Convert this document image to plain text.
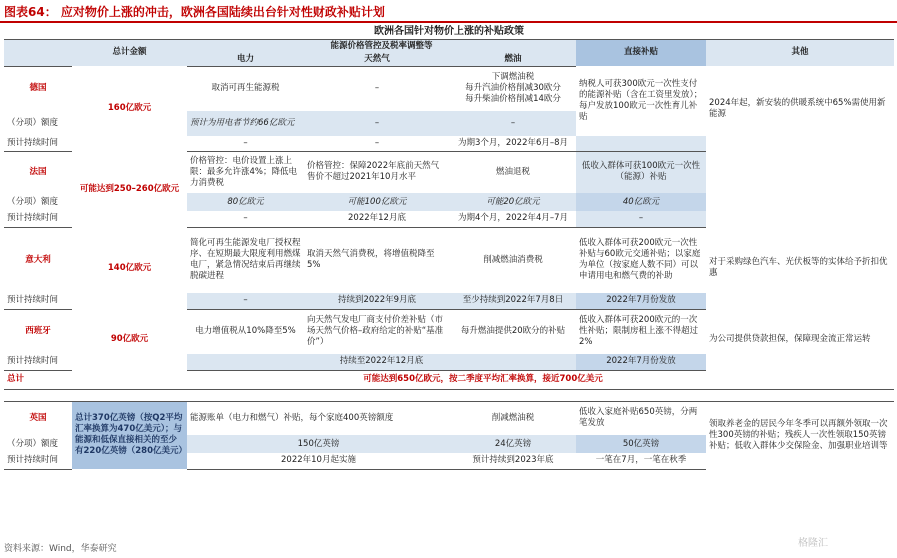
图表64： 应对物价上涨的冲击，欧洲各国陆续出台针对性财政补贴计划
欧洲各国针对物价上涨的补贴政策						
	总计金额	能源价格管控及税率调整等			直接补贴	其他
		电力	天然气	燃油		
德国	160亿欧元	取消可再生能源税	–	下调燃油税
每升汽油价格削减30欧分
每升柴油价格削减14欧分	纳税人可获300欧元一次性支付的能源补贴（含在工资里发放）；每户发放100欧元一次性育儿补贴	2024年起，新安装的供暖系统中65%需使用新能源
（分项）额度		预计为用电者节约66亿欧元	–	–		
预计持续时间		–	–	为期3个月，2022年6月–8月		
法国	可能达到250–260亿欧元	价格管控：电价设置上涨上限：最多允许涨4%；降低电力消费税	价格管控：保障2022年底前天然气售价不超过2021年10月水平	燃油退税	低收入群体可获100欧元一次性（能源）补贴	
（分项）额度		80亿欧元	可能100亿欧元	可能20亿欧元	40亿欧元	
预计持续时间		–	2022年12月底	为期4个月，2022年4月–7月	–	
意大利	140亿欧元	简化可再生能源发电厂授权程序、在短期最大限度利用燃煤电厂，紧急情况结束后再继续脱碳进程	取消天然气消费税，将增值税降至5%	削减燃油消费税	低收入群体可获200欧元一次性补贴与60欧元交通补贴；以家庭为单位（按家庭人数不同）可以申请用电和燃气费的补助	对于采购绿色汽车、光伏板等的实体给予折扣优惠
预计持续时间		–	持续到2022年9月底	至少持续到2022年7月8日	2022年7月份发放	
西班牙	90亿欧元	电力增值税从10%降至5%	向天然气发电厂商支付价差补贴（市场天然气价格–政府给定的补贴“基准价”）	每升燃油提供20欧分的补贴	低收入群体可获200欧元的一次性补贴；限制房租上涨不得超过2%	为公司提供贷款担保，保障现金流正常运转
预计持续时间		持续至2022年12月底			2022年7月份发放	
总计	可能达到650亿欧元，按二季度平均汇率换算，接近700亿美元					

英国	总计370亿英镑（按Q2平均汇率换算为470亿美元）；与能源和低保直接相关的至少有220亿英镑（280亿美元）	能源账单（电力和燃气）补贴，每个家庭400英镑额度		削减燃油税	低收入家庭补贴650英镑，分两笔发放	领取养老金的居民今年冬季可以再额外领取一次性300英镑的补贴；残疾人一次性领取150英镑补贴；低收入群体少交保险金、加强职业培训等
（分项）额度		150亿英镑		24亿英镑	50亿英镑	
预计持续时间		2022年10月起实施		预计持续到2023年底	一笔在7月，一笔在秋季	
资料来源：Wind，华泰研究	格隆汇
